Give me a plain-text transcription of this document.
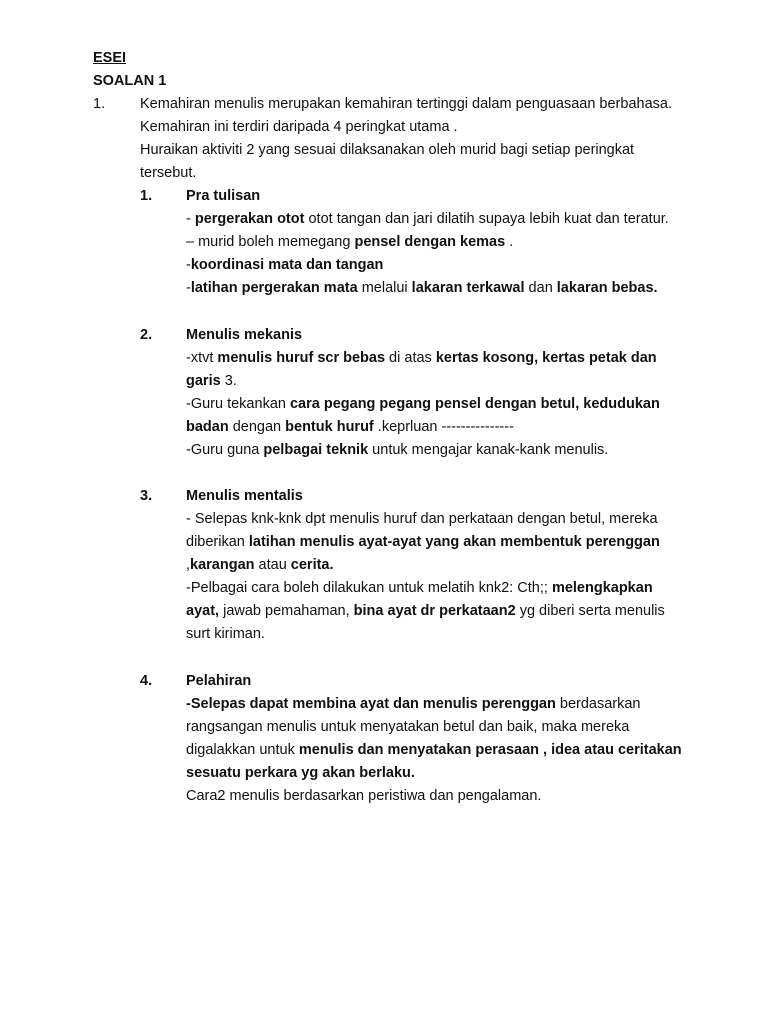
ESEI
SOALAN 1
1. Kemahiran menulis merupakan kemahiran tertinggi dalam penguasaan berbahasa.
Kemahiran ini terdiri daripada 4 peringkat utama .
Huraikan aktiviti 2 yang sesuai dilaksanakan oleh murid bagi setiap peringkat
tersebut.
1. Pra tulisan
- pergerakan otot otot tangan dan jari dilatih supaya lebih kuat dan teratur.
– murid boleh memegang pensel dengan kemas .
-koordinasi mata dan tangan
-latihan pergerakan mata melalui lakaran terkawal dan lakaran bebas.
2. Menulis mekanis
-xtvt menulis huruf scr bebas di atas kertas kosong, kertas petak dan
garis 3.
-Guru tekankan cara pegang pegang pensel dengan betul, kedudukan
badan dengan bentuk huruf .keprluan ---------------
-Guru guna pelbagai teknik untuk mengajar kanak-kank menulis.
3. Menulis mentalis
- Selepas knk-knk dpt menulis huruf dan perkataan dengan betul, mereka
diberikan latihan menulis ayat-ayat yang akan membentuk perenggan
,karangan atau cerita.
-Pelbagai cara boleh dilakukan untuk melatih knk2: Cth;; melengkapkan
ayat, jawab pemahaman, bina ayat dr perkataan2 yg diberi serta menulis
surt kiriman.
4. Pelahiran
-Selepas dapat membina ayat dan menulis perenggan berdasarkan
rangsangan menulis untuk menyatakan betul dan baik, maka mereka
digalakkan untuk menulis dan menyatakan perasaan , idea atau ceritakan
sesuatu perkara yg akan berlaku.
Cara2 menulis berdasarkan peristiwa dan pengalaman.
